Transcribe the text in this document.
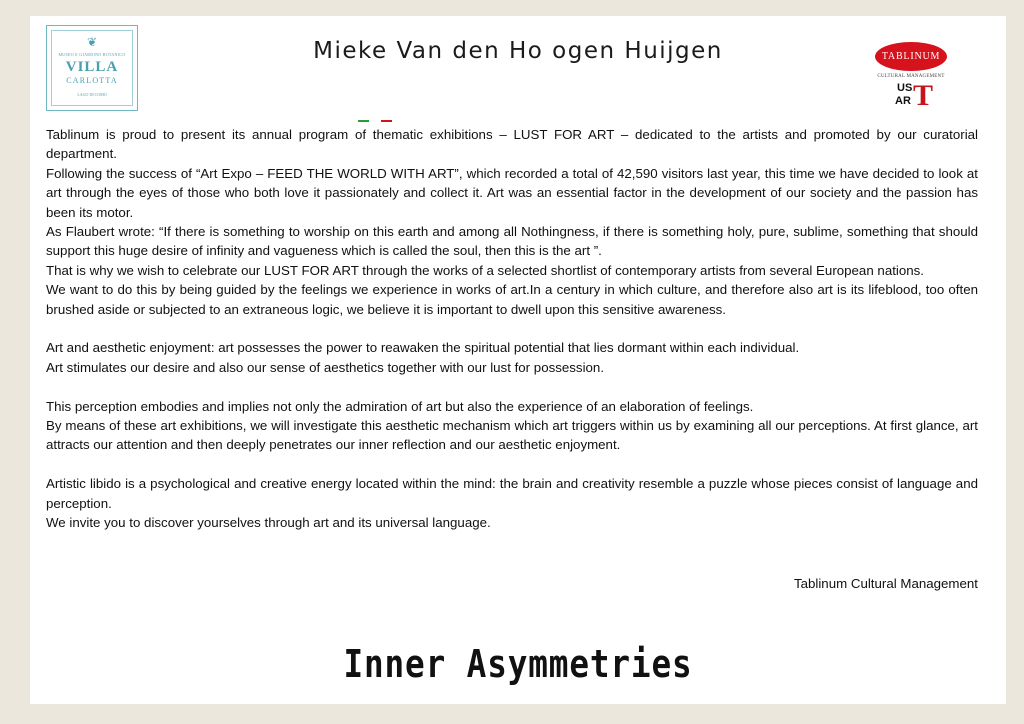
❦
MUSEO E GIARDINO BOTANICO
VILLA
CARLOTTA
LAGO DI COMO
Mieke Van den Ho ogen Huijgen	TABLINUM
CULTURAL MANAGEMENT
US
AR T

Tablinum is proud to present its annual program of thematic exhibitions – LUST FOR ART – dedicated to the artists and promoted by our curatorial department.

Following the success of “Art Expo – FEED THE WORLD WITH ART”, which recorded a total of 42,590 visitors last year, this time we have decided to look at art through the eyes of those who both love it passionately and collect it. Art was an essential factor in the development of our society and the passion has been its motor.

As Flaubert wrote: “If there is something to worship on this earth and among all Nothingness, if there is something holy, pure, sublime, something that should support this huge desire of infinity and vagueness which is called the soul, then this is the art ”.

That is why we wish to celebrate our LUST FOR ART through the works of a selected shortlist of contemporary artists from several European nations.

We want to do this by being guided by the feelings we experience in works of art.In a century in which culture, and therefore also art is its lifeblood, too often brushed aside or subjected to an extraneous logic, we believe it is important to dwell upon this sensitive awareness.

Art and aesthetic enjoyment: art possesses the power to reawaken the spiritual potential that lies dormant within each individual.

Art stimulates our desire and also our sense of aesthetics together with our lust for possession.

This perception embodies and implies not only the admiration of art but also the experience of an elaboration of feelings.

By means of these art exhibitions, we will investigate this aesthetic mechanism which art triggers within us by examining all our perceptions. At first glance, art attracts our attention and then deeply penetrates our inner reflection and our aesthetic enjoyment.

Artistic libido is a psychological and creative energy located within the mind: the brain and creativity resemble a puzzle whose pieces consist of language and perception.

We invite you to discover yourselves through art and its universal language.

Tablinum Cultural Management
Inner Asymmetries
